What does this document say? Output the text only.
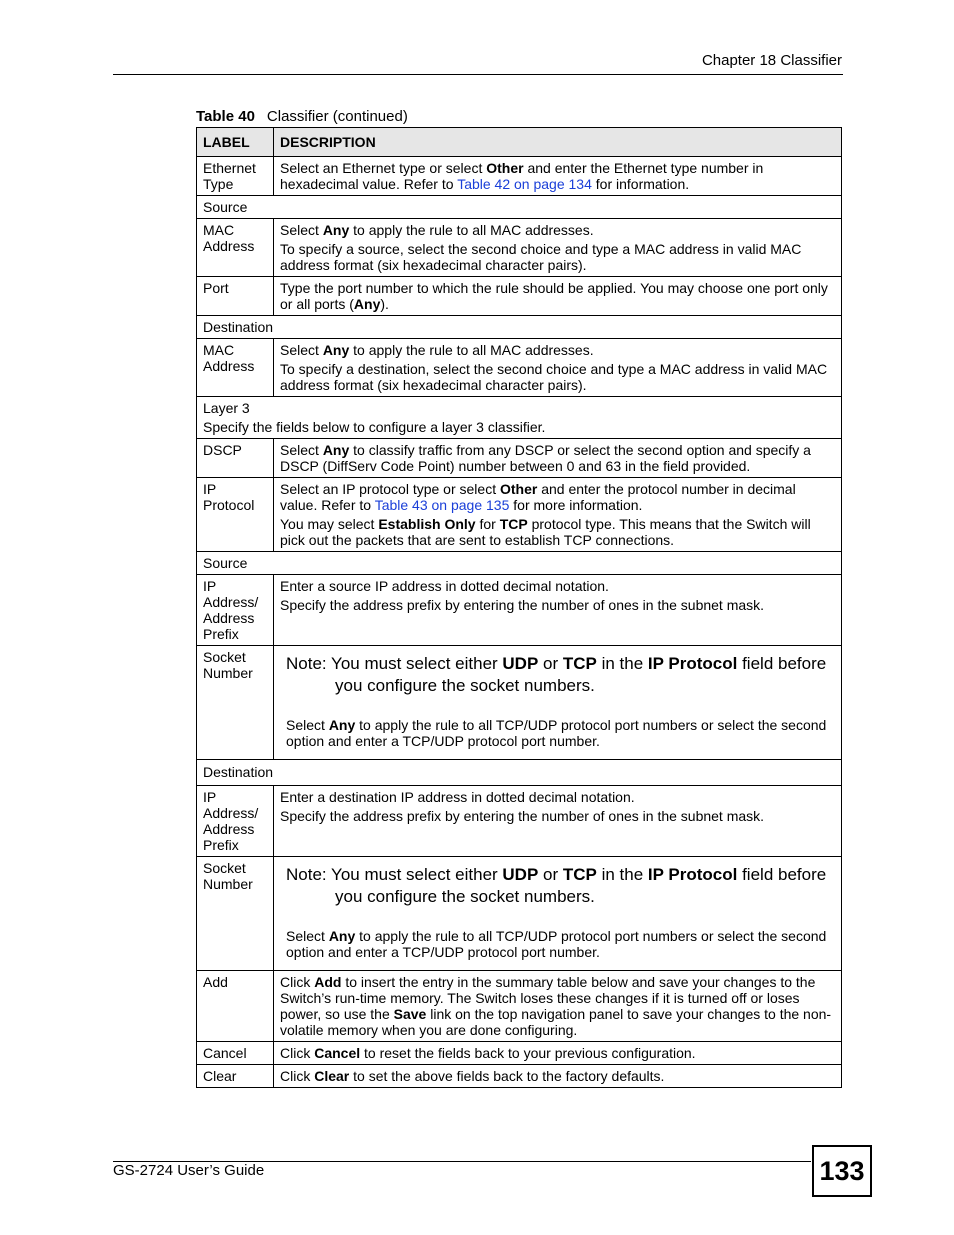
Chapter 18 Classifier
Table 40 Classifier (continued)
LABEL	DESCRIPTION
Ethernet Type	Select an Ethernet type or select Other and enter the Ethernet type number in hexadecimal value. Refer to Table 42 on page 134 for information.

Source	
MAC Address	Select Any to apply the rule to all MAC addresses.

To specify a source, select the second choice and type a MAC address in valid MAC address format (six hexadecimal character pairs).

Port	Type the port number to which the rule should be applied. You may choose one port only or all ports (Any).

Destination	
MAC Address	Select Any to apply the rule to all MAC addresses.

To specify a destination, select the second choice and type a MAC address in valid MAC address format (six hexadecimal character pairs).

Layer 3
Specify the fields below to configure a layer 3 classifier.	

DSCP	Select Any to classify traffic from any DSCP or select the second option and specify a DSCP (DiffServ Code Point) number between 0 and 63 in the field provided.

IP Protocol	Select an IP protocol type or select Other and enter the protocol number in decimal value. Refer to Table 43 on page 135 for more information.

You may select Establish Only for TCP protocol type. This means that the Switch will pick out the packets that are sent to establish TCP connections.

Source	
IP Address/ Address Prefix	Enter a source IP address in dotted decimal notation.

Specify the address prefix by entering the number of ones in the subnet mask.

Socket Number	Note: You must select either UDP or TCP in the IP Protocol field before you configure the socket numbers.

Select Any to apply the rule to all TCP/UDP protocol port numbers or select the second option and enter a TCP/UDP protocol port number.

Destination	
IP Address/ Address Prefix	Enter a destination IP address in dotted decimal notation.

Specify the address prefix by entering the number of ones in the subnet mask.

Socket Number	Note: You must select either UDP or TCP in the IP Protocol field before you configure the socket numbers.

Select Any to apply the rule to all TCP/UDP protocol port numbers or select the second option and enter a TCP/UDP protocol port number.

Add	Click Add to insert the entry in the summary table below and save your changes to the Switch’s run-time memory. The Switch loses these changes if it is turned off or loses power, so use the Save link on the top navigation panel to save your changes to the non-volatile memory when you are done configuring.

Cancel	Click Cancel to reset the fields back to your previous configuration.

Clear	Click Clear to set the above fields back to the factory defaults.

GS-2724 User’s Guide	133
